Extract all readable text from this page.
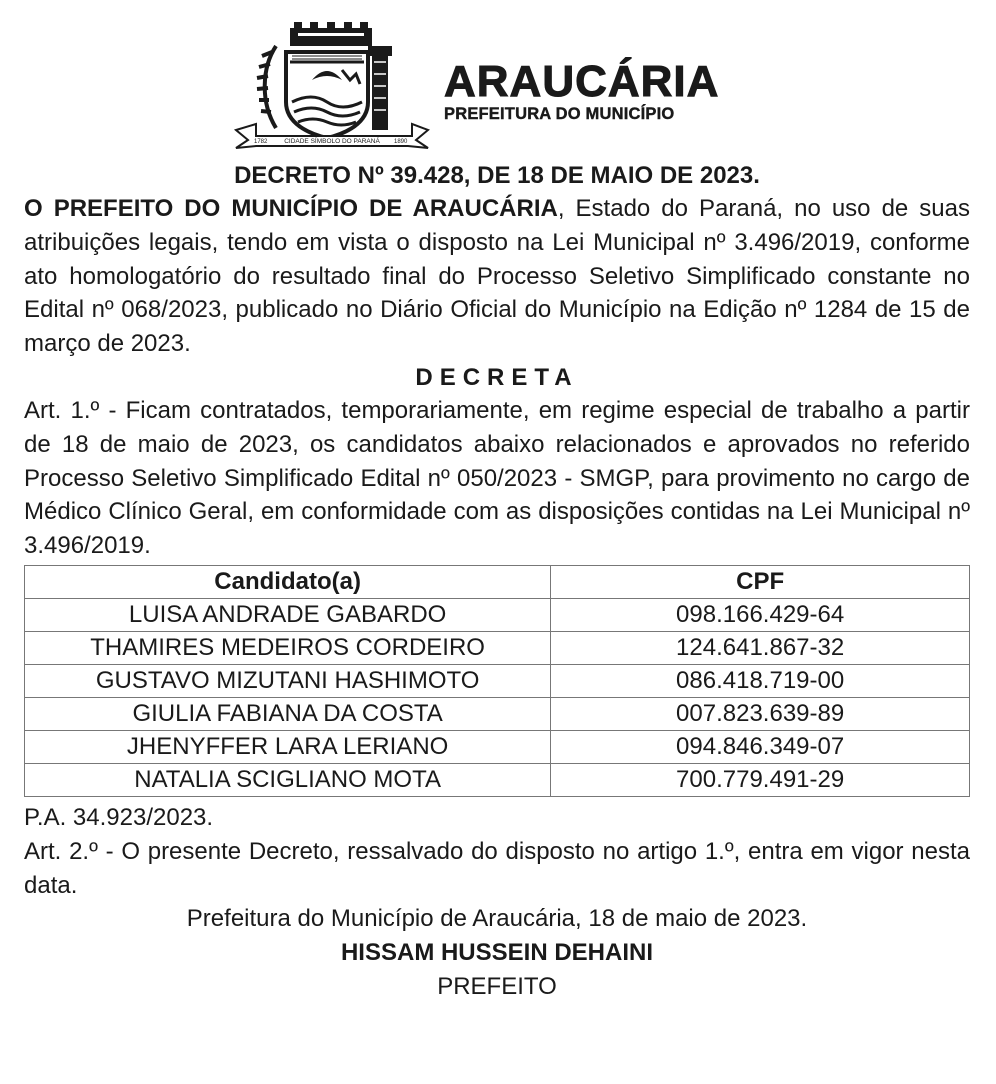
1782	CIDADE SÍMBOLO DO PARANÁ 1890
ARAUCÁRIA
PREFEITURA DO MUNICÍPIO
DECRETO Nº 39.428, DE 18 DE MAIO DE 2023.

O PREFEITO DO MUNICÍPIO DE ARAUCÁRIA, Estado do Paraná, no uso de suas atribuições legais, tendo em vista o disposto na Lei Municipal nº 3.496/2019, conforme ato homologatório do resultado final do Processo Seletivo Simplificado constante no Edital nº 068/2023, publicado no Diário Oficial do Município na Edição nº 1284 de 15 de março de 2023.

DECRETA

Art. 1.º - Ficam contratados, temporariamente, em regime especial de trabalho a partir de 18 de maio de 2023, os candidatos abaixo relacionados e aprovados no referido Processo Seletivo Simplificado Edital nº 050/2023 - SMGP, para provimento no cargo de Médico Clínico Geral, em conformidade com as disposições contidas na Lei Municipal nº 3.496/2019.

Candidato(a)	CPF
LUISA ANDRADE GABARDO	098.166.429-64
THAMIRES MEDEIROS CORDEIRO	124.641.867-32
GUSTAVO MIZUTANI HASHIMOTO	086.418.719-00
GIULIA FABIANA DA COSTA	007.823.639-89
JHENYFFER LARA LERIANO	094.846.349-07
NATALIA SCIGLIANO MOTA	700.779.491-29

P.A. 34.923/2023.

Art. 2.º - O presente Decreto, ressalvado do disposto no artigo 1.º, entra em vigor nesta data.

Prefeitura do Município de Araucária, 18 de maio de 2023.
HISSAM HUSSEIN DEHAINI
PREFEITO
